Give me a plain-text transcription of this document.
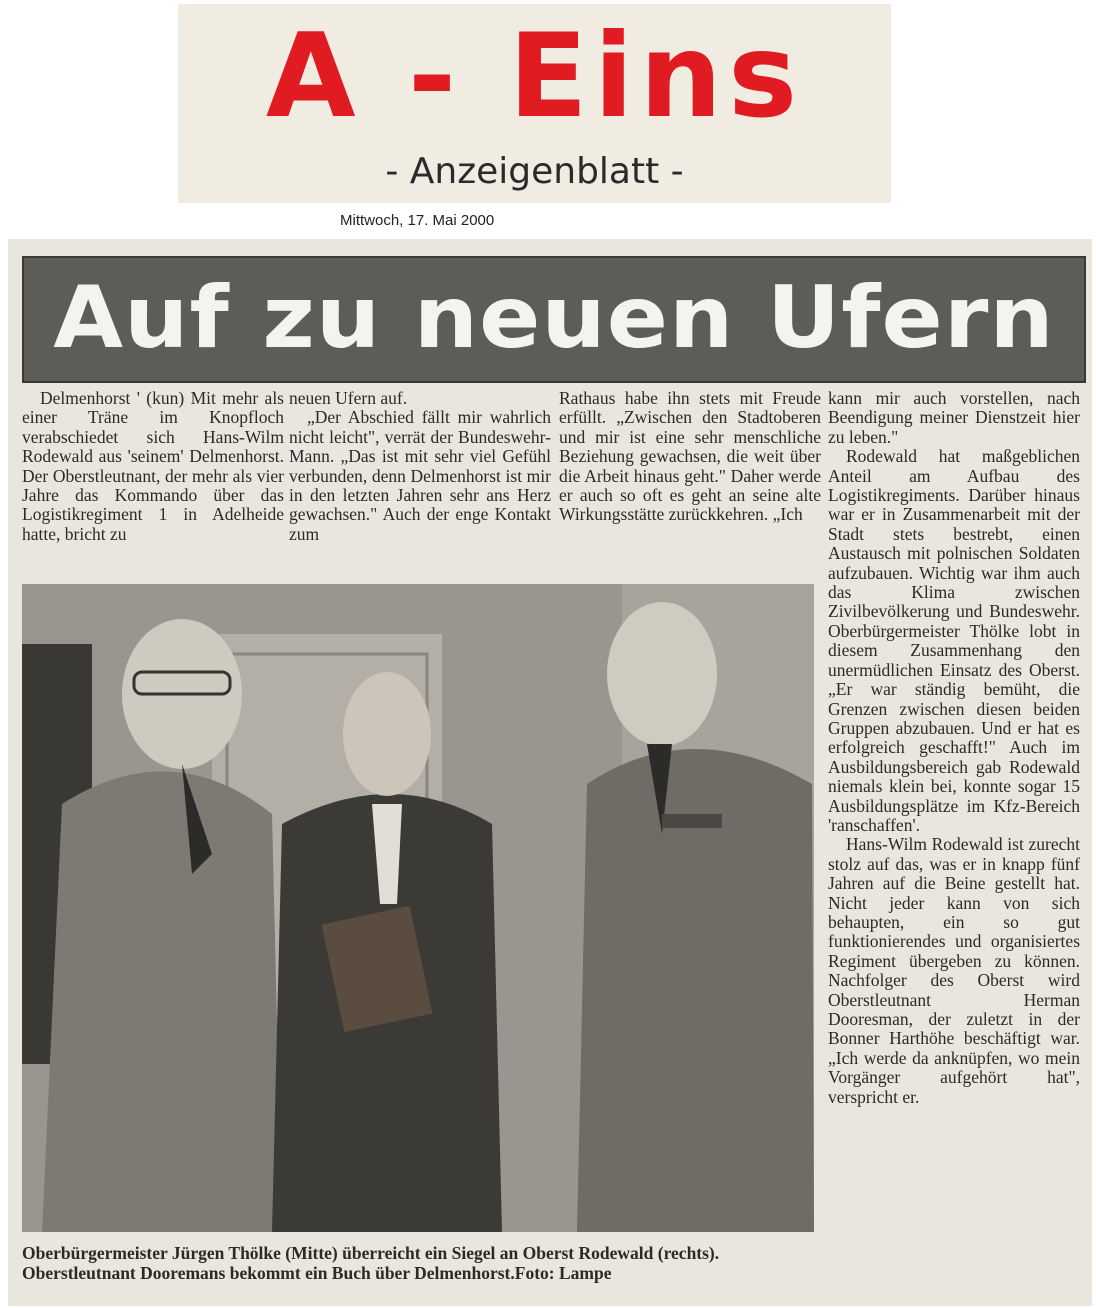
A - Eins
- Anzeigenblatt -
Mittwoch, 17. Mai 2000
Auf zu neuen Ufern

Delmenhorst ' (kun) Mit mehr als einer Träne im Knopfloch verabschiedet sich Hans-Wilm Rodewald aus 'seinem' Delmenhorst. Der Oberstleutnant, der mehr als vier Jahre das Kommando über das Logistikregiment 1 in Adelheide hatte, bricht zu

neuen Ufern auf.

„Der Abschied fällt mir wahrlich nicht leicht", verrät der Bundeswehr-Mann. „Das ist mit sehr viel Gefühl verbunden, denn Delmenhorst ist mir in den letzten Jahren sehr ans Herz gewachsen." Auch der enge Kontakt zum

Rathaus habe ihn stets mit Freude erfüllt. „Zwischen den Stadtoberen und mir ist eine sehr menschliche Beziehung gewachsen, die weit über die Arbeit hinaus geht." Daher werde er auch so oft es geht an seine alte Wirkungsstätte zurückkehren. „Ich

kann mir auch vorstellen, nach Beendigung meiner Dienstzeit hier zu leben."

Rodewald hat maßgeblichen Anteil am Aufbau des Logistikregiments. Darüber hinaus war er in Zusammenarbeit mit der Stadt stets bestrebt, einen Austausch mit polnischen Soldaten aufzubauen. Wichtig war ihm auch das Klima zwischen Zivilbevölkerung und Bundeswehr. Oberbürgermeister Thölke lobt in diesem Zusammenhang den unermüdlichen Einsatz des Oberst. „Er war ständig bemüht, die Grenzen zwischen diesen beiden Gruppen abzubauen. Und er hat es erfolgreich geschafft!" Auch im Ausbildungsbereich gab Rodewald niemals klein bei, konnte sogar 15 Ausbildungsplätze im Kfz-Bereich 'ranschaffen'.

Hans-Wilm Rodewald ist zurecht stolz auf das, was er in knapp fünf Jahren auf die Beine gestellt hat. Nicht jeder kann von sich behaupten, ein so gut funktionierendes und organisiertes Regiment übergeben zu können. Nachfolger des Oberst wird Oberstleutnant Herman Dooresman, der zuletzt in der Bonner Harthöhe beschäftigt war. „Ich werde da anknüpfen, wo mein Vorgänger aufgehört hat", verspricht er.

Oberbürgermeister Jürgen Thölke (Mitte) überreicht ein Siegel an Oberst Rodewald (rechts). Oberstleutnant Dooremans bekommt ein Buch über Delmenhorst.Foto: Lampe
